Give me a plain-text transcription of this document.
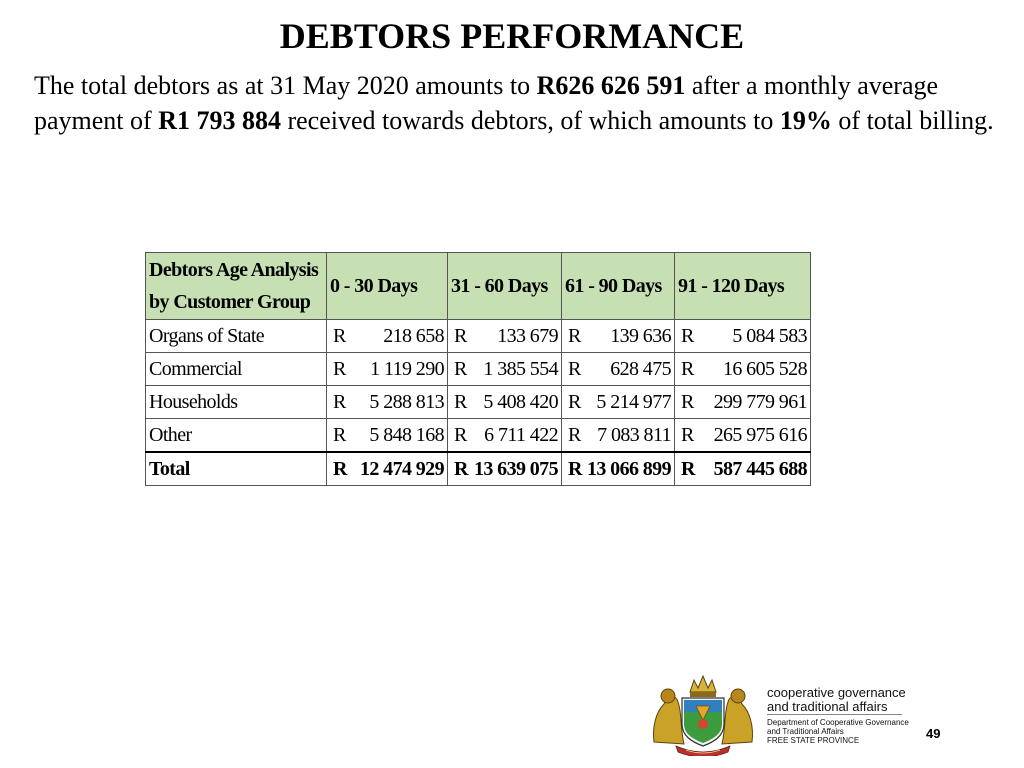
DEBTORS PERFORMANCE

The total debtors as at 31 May 2020 amounts to R626 626 591 after a monthly average payment of R1 793 884 received towards debtors, of which amounts to 19% of total billing.

Debtors Age Analysis
by Customer Group	0 - 30 Days	31 - 60 Days	61 - 90 Days	91 - 120 Days
Organs of State	R 218 658	R 133 679	R 139 636	R 5 084 583
Commercial	R 1 119 290	R 1 385 554	R 628 475	R 16 605 528
Households	R 5 288 813	R 5 408 420	R 5 214 977	R 299 779 961
Other	R 5 848 168	R 6 711 422	R 7 083 811	R 265 975 616
Total	R 12 474 929	R 13 639 075	R 13 066 899	R 587 445 688

cooperative governance

and traditional affairs

Department of Cooperative Governance
and Traditional Affairs
FREE STATE PROVINCE	49
